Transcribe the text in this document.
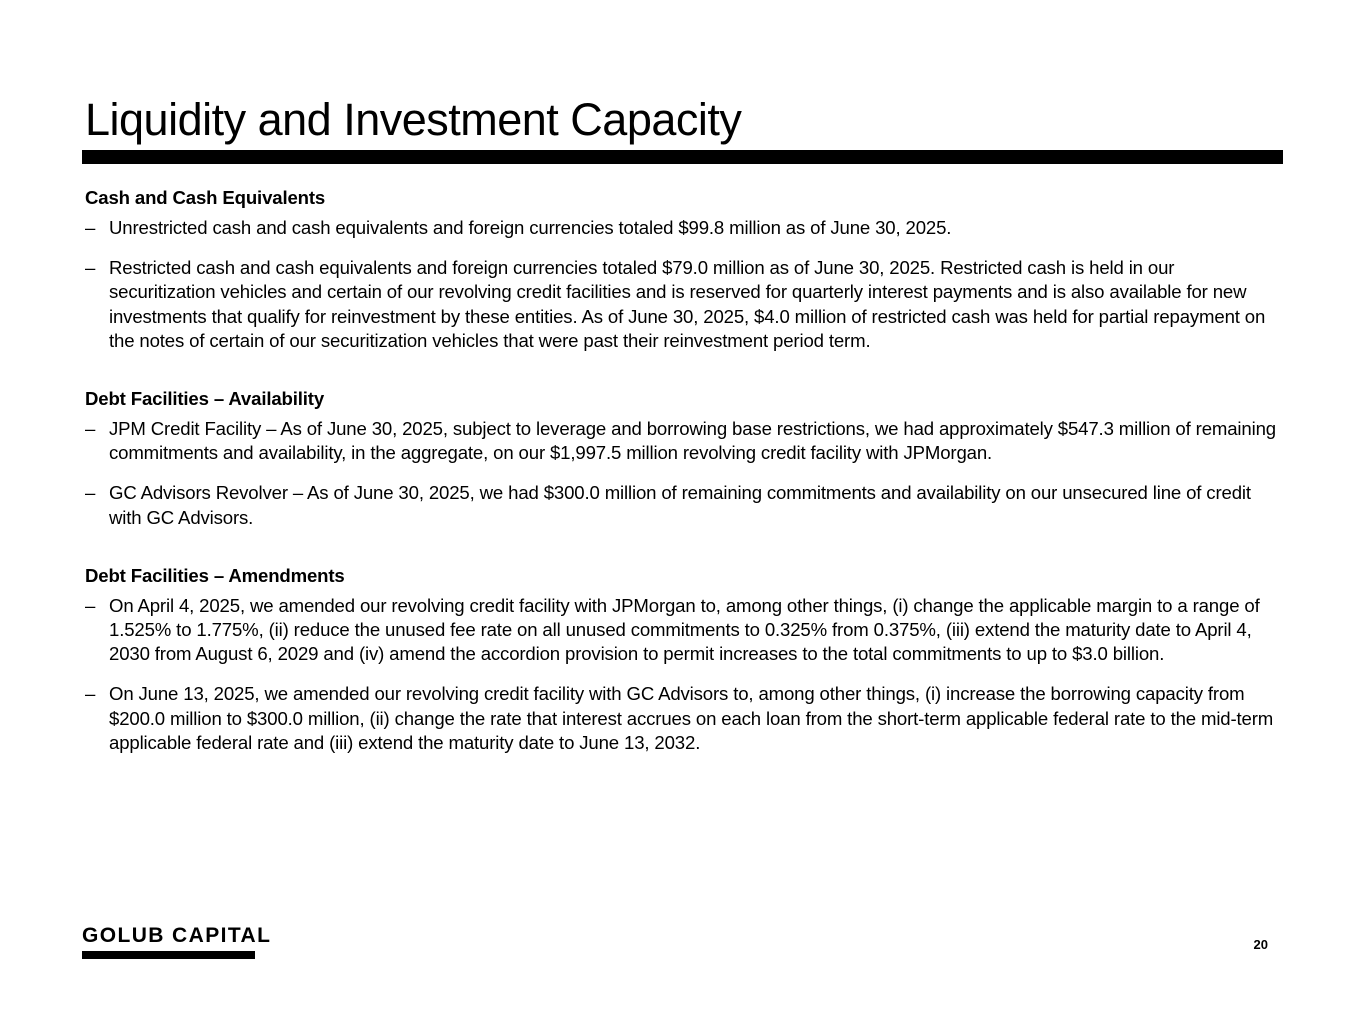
Liquidity and Investment Capacity
Cash and Cash Equivalents
– Unrestricted cash and cash equivalents and foreign currencies totaled $99.8 million as of June 30, 2025.
– Restricted cash and cash equivalents and foreign currencies totaled $79.0 million as of June 30, 2025. Restricted cash is held in our securitization vehicles and certain of our revolving credit facilities and is reserved for quarterly interest payments and is also available for new investments that qualify for reinvestment by these entities. As of June 30, 2025, $4.0 million of restricted cash was held for partial repayment on the notes of certain of our securitization vehicles that were past their reinvestment period term.
Debt Facilities – Availability
– JPM Credit Facility – As of June 30, 2025, subject to leverage and borrowing base restrictions, we had approximately $547.3 million of remaining commitments and availability, in the aggregate, on our $1,997.5 million revolving credit facility with JPMorgan.
– GC Advisors Revolver – As of June 30, 2025, we had $300.0 million of remaining commitments and availability on our unsecured line of credit with GC Advisors.
Debt Facilities – Amendments
– On April 4, 2025, we amended our revolving credit facility with JPMorgan to, among other things, (i) change the applicable margin to a range of 1.525% to 1.775%, (ii) reduce the unused fee rate on all unused commitments to 0.325% from 0.375%, (iii) extend the maturity date to April 4, 2030 from August 6, 2029 and (iv) amend the accordion provision to permit increases to the total commitments to up to $3.0 billion.
– On June 13, 2025, we amended our revolving credit facility with GC Advisors to, among other things, (i) increase the borrowing capacity from $200.0 million to $300.0 million, (ii) change the rate that interest accrues on each loan from the short-term applicable federal rate to the mid-term applicable federal rate and (iii) extend the maturity date to June 13, 2032.
GOLUB CAPITAL	20
